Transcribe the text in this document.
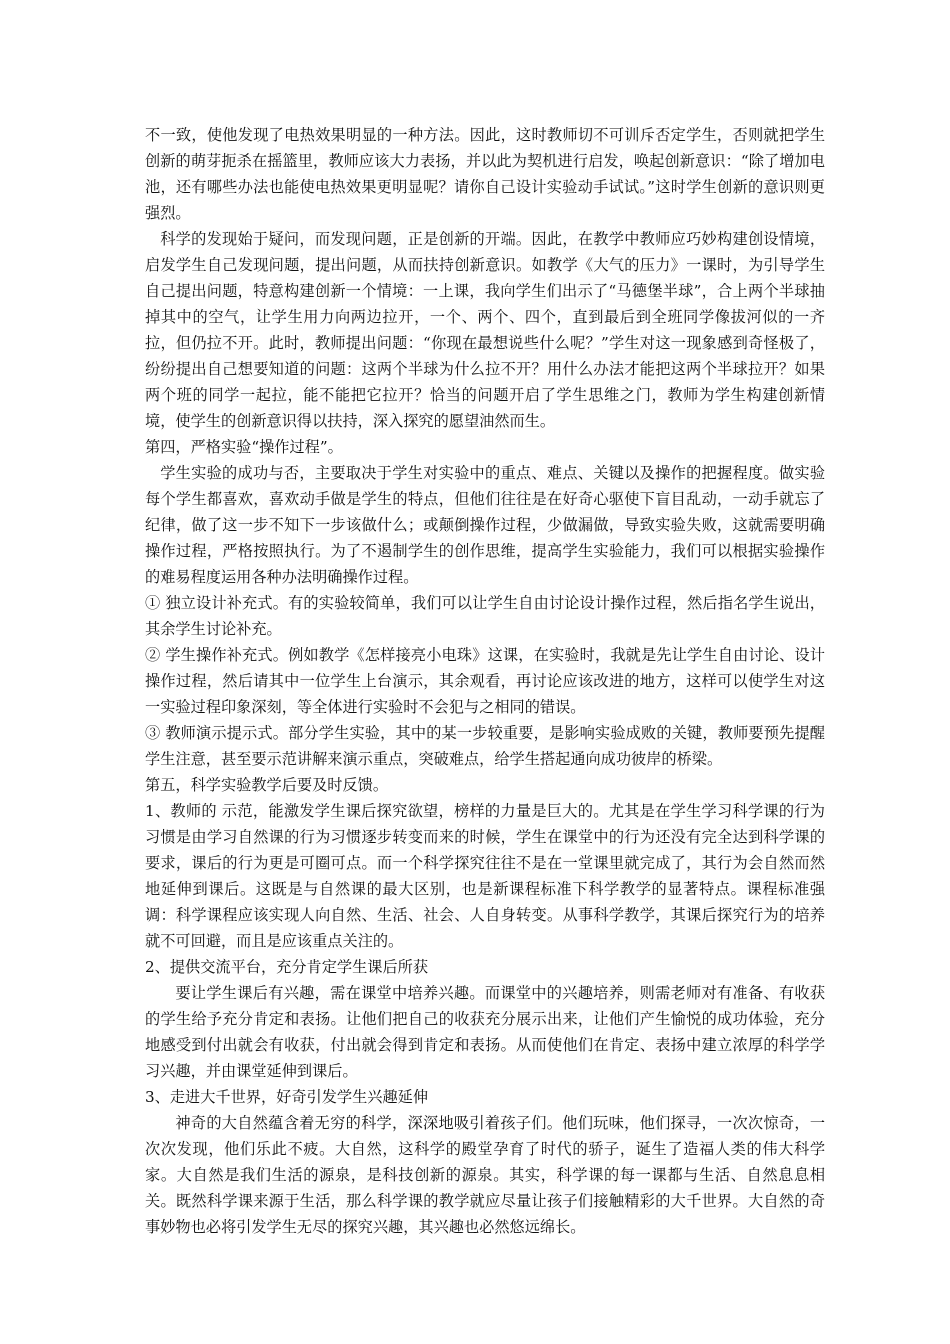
不一致，使他发现了电热效果明显的一种方法。因此，这时教师切不可训斥否定学生，否则就把学生创新的萌芽扼杀在摇篮里，教师应该大力表扬，并以此为契机进行启发，唤起创新意识：“除了增加电池，还有哪些办法也能使电热效果更明显呢？请你自己设计实验动手试试。”这时学生创新的意识则更强烈。

科学的发现始于疑问，而发现问题，正是创新的开端。因此，在教学中教师应巧妙构建创设情境，启发学生自己发现问题，提出问题，从而扶持创新意识。如教学《大气的压力》一课时，为引导学生自己提出问题，特意构建创新一个情境：一上课，我向学生们出示了“马德堡半球”，合上两个半球抽掉其中的空气，让学生用力向两边拉开，一个、两个、四个，直到最后到全班同学像拔河似的一齐拉，但仍拉不开。此时，教师提出问题：“你现在最想说些什么呢？”学生对这一现象感到奇怪极了，纷纷提出自己想要知道的问题：这两个半球为什么拉不开？用什么办法才能把这两个半球拉开？如果两个班的同学一起拉，能不能把它拉开？恰当的问题开启了学生思维之门，教师为学生构建创新情境，使学生的创新意识得以扶持，深入探究的愿望油然而生。

第四，严格实验“操作过程”。

学生实验的成功与否，主要取决于学生对实验中的重点、难点、关键以及操作的把握程度。做实验每个学生都喜欢，喜欢动手做是学生的特点，但他们往往是在好奇心驱使下盲目乱动，一动手就忘了纪律，做了这一步不知下一步该做什么；或颠倒操作过程，少做漏做，导致实验失败，这就需要明确操作过程，严格按照执行。为了不遏制学生的创作思维，提高学生实验能力，我们可以根据实验操作的难易程度运用各种办法明确操作过程。

① 独立设计补充式。有的实验较简单，我们可以让学生自由讨论设计操作过程，然后指名学生说出，其余学生讨论补充。

② 学生操作补充式。例如教学《怎样接亮小电珠》这课，在实验时，我就是先让学生自由讨论、设计操作过程，然后请其中一位学生上台演示，其余观看，再讨论应该改进的地方，这样可以使学生对这一实验过程印象深刻，等全体进行实验时不会犯与之相同的错误。

③ 教师演示提示式。部分学生实验，其中的某一步较重要，是影响实验成败的关键，教师要预先提醒学生注意，甚至要示范讲解来演示重点，突破难点，给学生搭起通向成功彼岸的桥梁。

第五，科学实验教学后要及时反馈。

1、教师的 示范，能激发学生课后探究欲望，榜样的力量是巨大的。尤其是在学生学习科学课的行为习惯是由学习自然课的行为习惯逐步转变而来的时候，学生在课堂中的行为还没有完全达到科学课的要求，课后的行为更是可圈可点。而一个科学探究往往不是在一堂课里就完成了，其行为会自然而然地延伸到课后。这既是与自然课的最大区别，也是新课程标准下科学教学的显著特点。课程标准强调：科学课程应该实现人向自然、生活、社会、人自身转变。从事科学教学，其课后探究行为的培养就不可回避，而且是应该重点关注的。

2、提供交流平台，充分肯定学生课后所获

要让学生课后有兴趣，需在课堂中培养兴趣。而课堂中的兴趣培养，则需老师对有准备、有收获的学生给予充分肯定和表扬。让他们把自己的收获充分展示出来，让他们产生愉悦的成功体验，充分地感受到付出就会有收获，付出就会得到肯定和表扬。从而使他们在肯定、表扬中建立浓厚的科学学习兴趣，并由课堂延伸到课后。

3、走进大千世界，好奇引发学生兴趣延伸

神奇的大自然蕴含着无穷的科学，深深地吸引着孩子们。他们玩味，他们探寻，一次次惊奇，一次次发现，他们乐此不疲。大自然，这科学的殿堂孕育了时代的骄子，诞生了造福人类的伟大科学家。大自然是我们生活的源泉，是科技创新的源泉。其实，科学课的每一课都与生活、自然息息相关。既然科学课来源于生活，那么科学课的教学就应尽量让孩子们接触精彩的大千世界。大自然的奇事妙物也必将引发学生无尽的探究兴趣，其兴趣也必然悠远绵长。
